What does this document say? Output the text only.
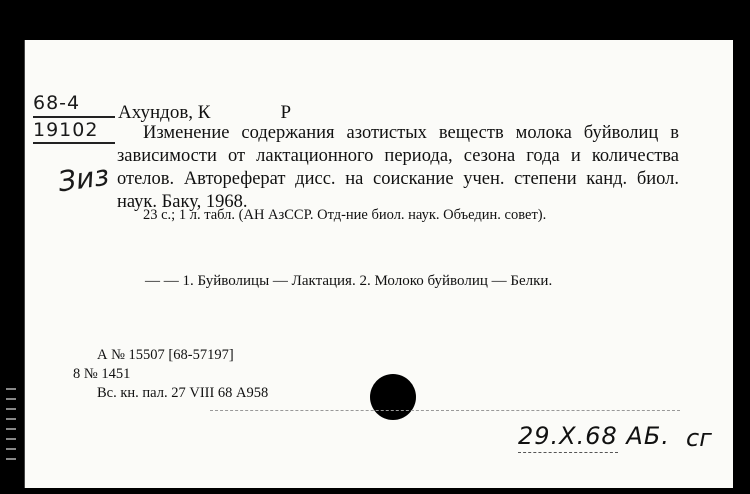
68-4
19102
Зиз
Ахундов, К	Р
Изменение содержания азотистых веществ молока буйволиц в зависимости от лактационного периода, сезона года и количества отелов. Автореферат дисс. на соискание учен. степени канд. биол. наук. Баку, 1968.
23 с.; 1 л. табл. (АН АзССР. Отд-ние биол. наук. Объедин. совет).
— — 1. Буйволицы — Лактация. 2. Молоко буйволиц — Белки.
А № 15507 [68-57197]
8 № 1451
Вс. кн. пал. 27 VIII 68 А958
29.X.68 АБ. сг
